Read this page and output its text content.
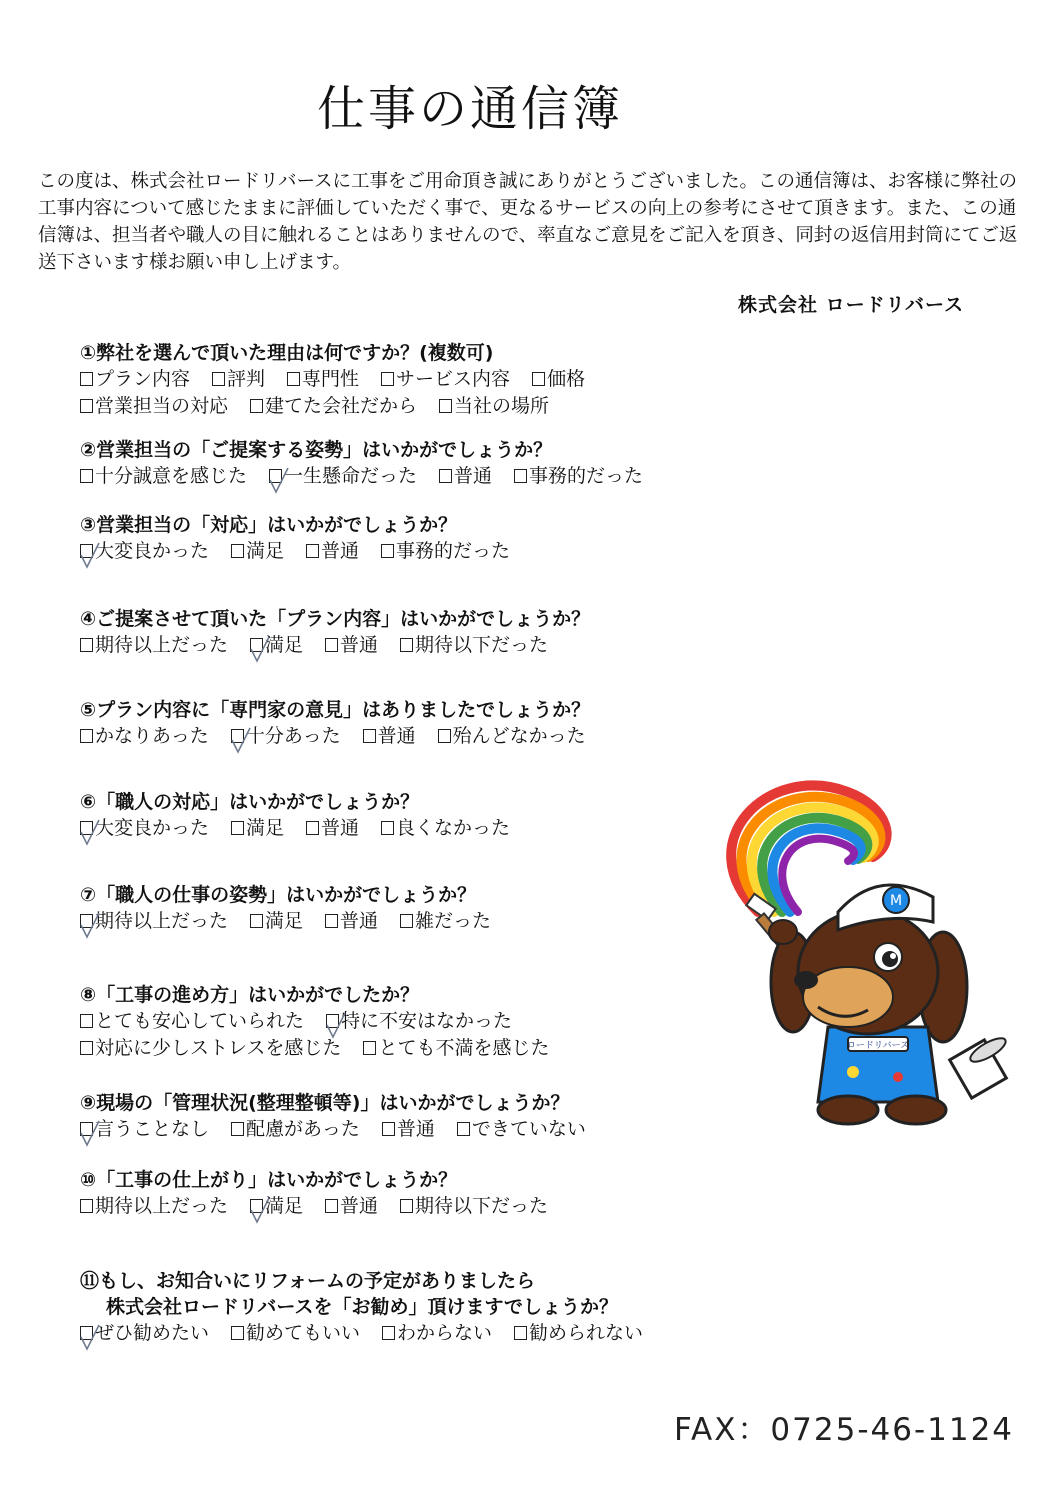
仕事の通信簿
この度は、株式会社ロードリバースに工事をご用命頂き誠にありがとうございました。この通信簿は、お客様に弊社の工事内容について感じたままに評価していただく事で、更なるサービスの向上の参考にさせて頂きます。また、この通信簿は、担当者や職人の目に触れることはありませんので、率直なご意見をご記入を頂き、同封の返信用封筒にてご返送下さいます様お願い申し上げます。
株式会社 ロードリバース
①弊社を選んで頂いた理由は何ですか？(複数可)
プラン内容 評判 専門性 サービス内容 価格
営業担当の対応 建てた会社だから 当社の場所
②営業担当の「ご提案する姿勢」はいかがでしょうか？
十分誠意を感じた 一生懸命だった 普通 事務的だった
③営業担当の「対応」はいかがでしょうか？
大変良かった 満足 普通 事務的だった
④ご提案させて頂いた「プラン内容」はいかがでしょうか？
期待以上だった 満足 普通 期待以下だった
⑤プラン内容に「専門家の意見」はありましたでしょうか？
かなりあった 十分あった 普通 殆んどなかった
⑥「職人の対応」はいかがでしょうか？
大変良かった 満足 普通 良くなかった
⑦「職人の仕事の姿勢」はいかがでしょうか？
期待以上だった 満足 普通 雑だった
⑧「工事の進め方」はいかがでしたか？
とても安心していられた 特に不安はなかった
対応に少しストレスを感じた とても不満を感じた
⑨現場の「管理状況(整理整頓等)」はいかがでしょうか？
言うことなし 配慮があった 普通 できていない
⑩「工事の仕上がり」はいかがでしょうか？
期待以上だった 満足 普通 期待以下だった
⑪もし、お知合いにリフォームの予定がありましたら
株式会社ロードリバースを「お勧め」頂けますでしょうか？
ぜひ勧めたい 勧めてもいい わからない 勧められない
ロードリバース
M
FAX：0725-46-1124
